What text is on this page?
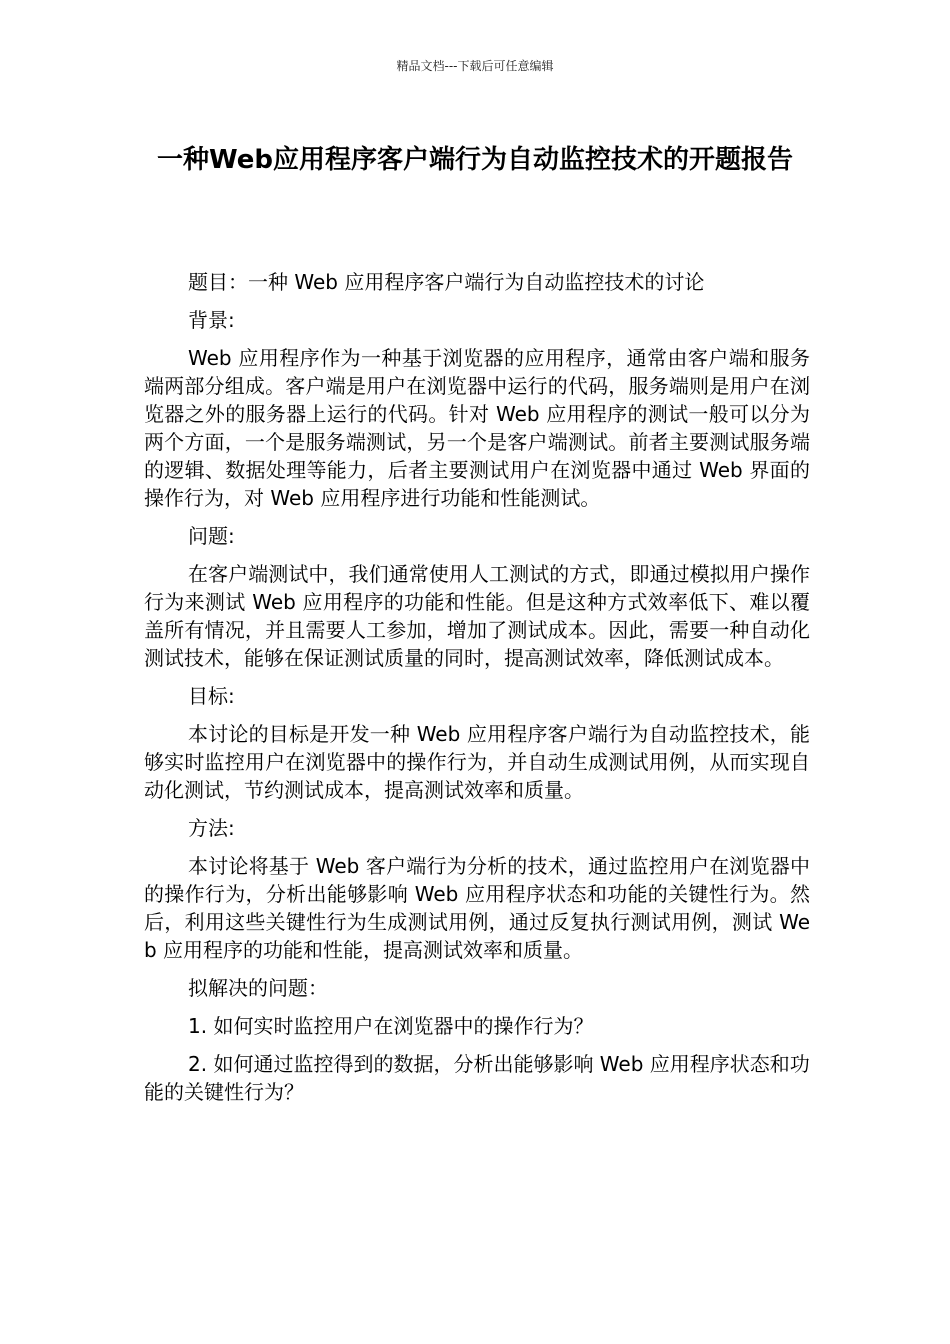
精品文档---下载后可任意编辑
一种Web应用程序客户端行为自动监控技术的开题报告

题目：一种 Web 应用程序客户端行为自动监控技术的讨论

背景:

Web 应用程序作为一种基于浏览器的应用程序，通常由客户端和服务端两部分组成。客户端是用户在浏览器中运行的代码，服务端则是用户在浏览器之外的服务器上运行的代码。针对 Web 应用程序的测试一般可以分为两个方面，一个是服务端测试，另一个是客户端测试。前者主要测试服务端的逻辑、数据处理等能力，后者主要测试用户在浏览器中通过 Web 界面的操作行为，对 Web 应用程序进行功能和性能测试。

问题:

在客户端测试中，我们通常使用人工测试的方式，即通过模拟用户操作行为来测试 Web 应用程序的功能和性能。但是这种方式效率低下、难以覆盖所有情况，并且需要人工参加，增加了测试成本。因此，需要一种自动化测试技术，能够在保证测试质量的同时，提高测试效率，降低测试成本。

目标:

本讨论的目标是开发一种 Web 应用程序客户端行为自动监控技术，能够实时监控用户在浏览器中的操作行为，并自动生成测试用例，从而实现自动化测试，节约测试成本，提高测试效率和质量。

方法:

本讨论将基于 Web 客户端行为分析的技术，通过监控用户在浏览器中的操作行为，分析出能够影响 Web 应用程序状态和功能的关键性行为。然后，利用这些关键性行为生成测试用例，通过反复执行测试用例，测试 Web 应用程序的功能和性能，提高测试效率和质量。

拟解决的问题：

1. 如何实时监控用户在浏览器中的操作行为？

2. 如何通过监控得到的数据，分析出能够影响 Web 应用程序状态和功能的关键性行为？
